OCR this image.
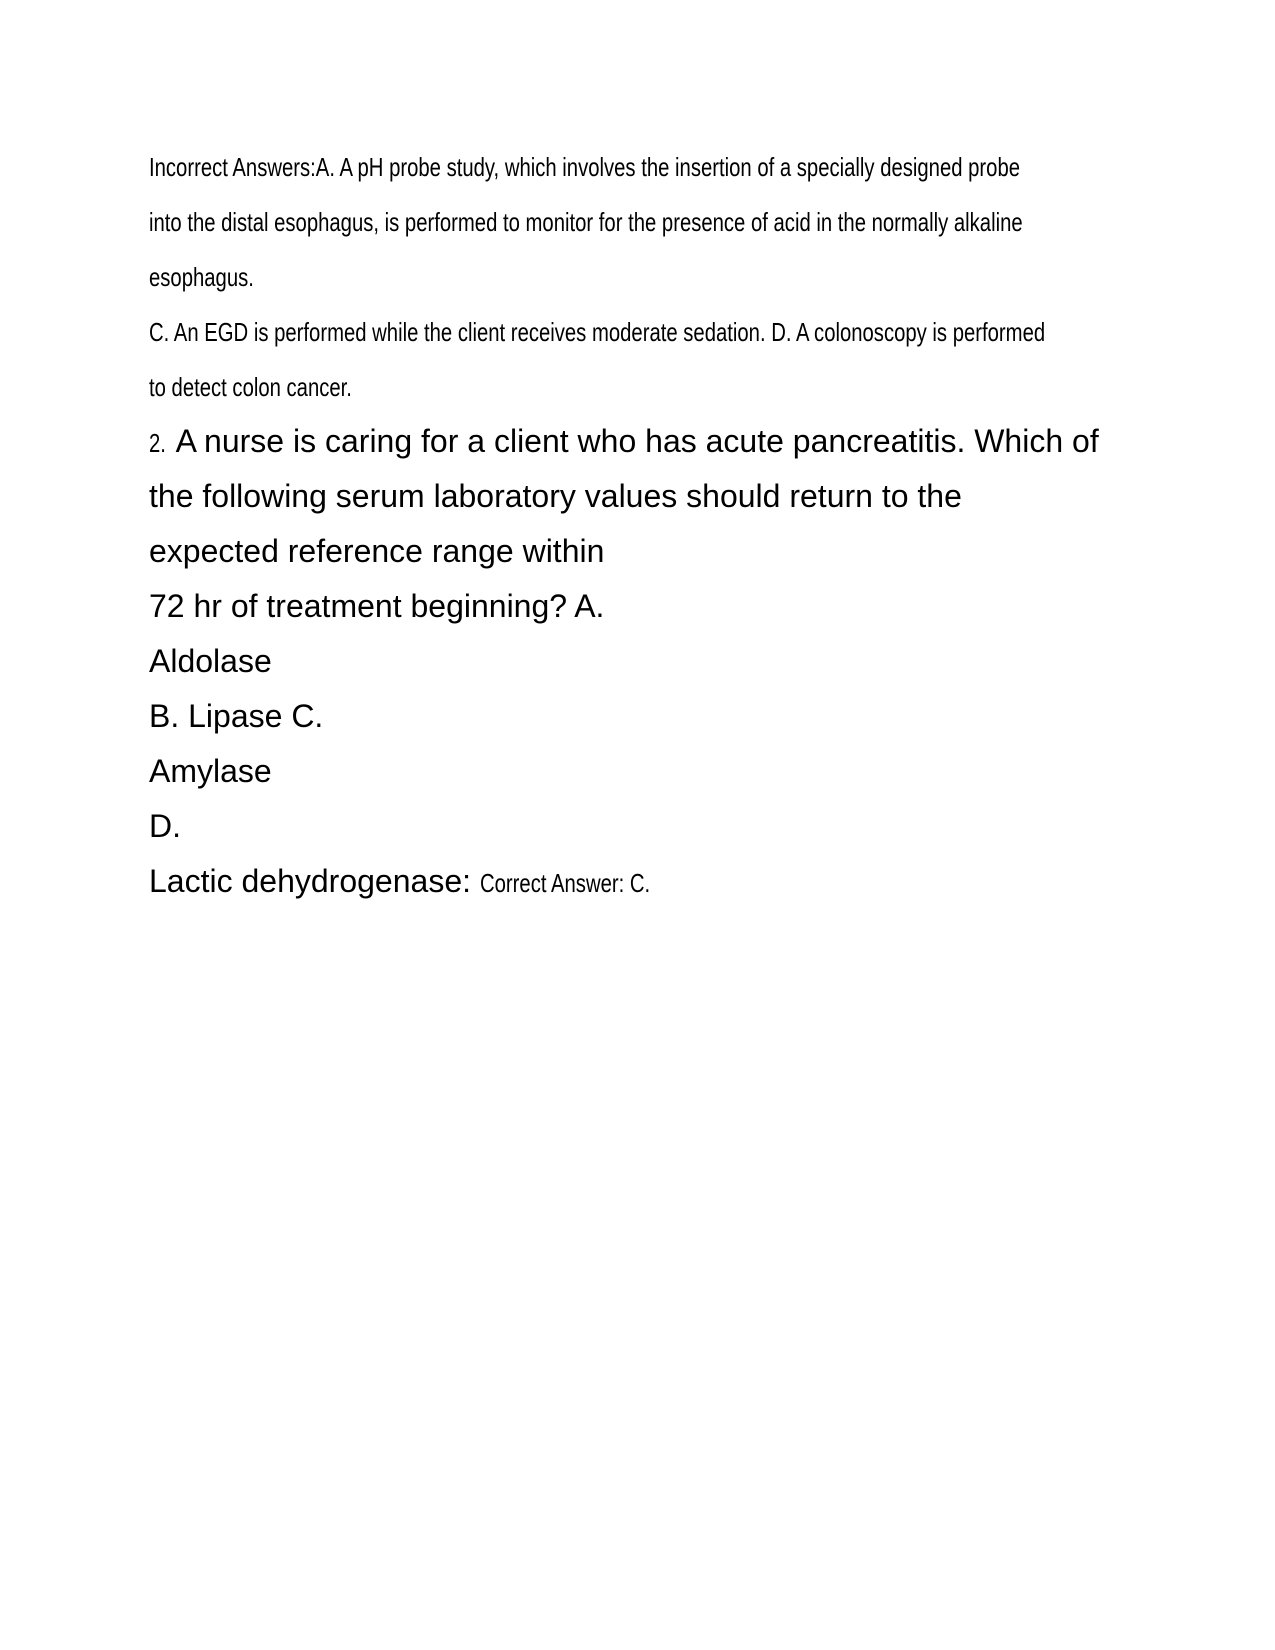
Incorrect Answers:A. A pH probe study, which involves the insertion of a specially designed probe
into the distal esophagus, is performed to monitor for the presence of acid in the normally alkaline
esophagus.
C. An EGD is performed while the client receives moderate sedation. D. A colonoscopy is performed
to detect colon cancer.
2. A nurse is caring for a client who has acute pancreatitis. Which of
the following serum laboratory values should return to the
expected reference range within
72 hr of treatment beginning? A.
Aldolase
B. Lipase C.
Amylase
D.
Lactic dehydrogenase: Correct Answer: C.
